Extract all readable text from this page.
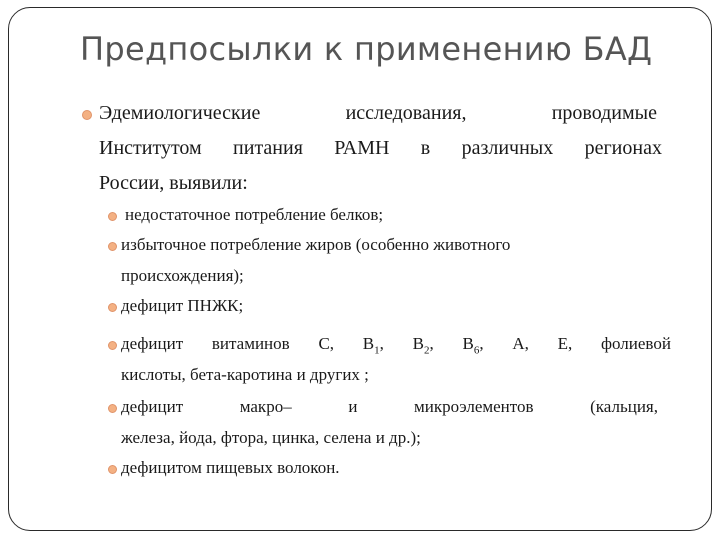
Предпосылки к применению БАД
Эдемиологические	исследования,	проводимые
Институтом питания РАМН в различных регионах
России, выявили:
недостаточное потребление белков;
избыточное потребление жиров (особенно животного
происхождения);
дефицит ПНЖК;
дефицит витаминов С, $В_1$, $В_2$, $В_6$, А, Е, фолиевой
кислоты, бета-каротина и других ;
дефицит	макро–	и	микроэлементов	(кальция,
железа, йода, фтора, цинка, селена и др.);
дефицитом пищевых волокон.
